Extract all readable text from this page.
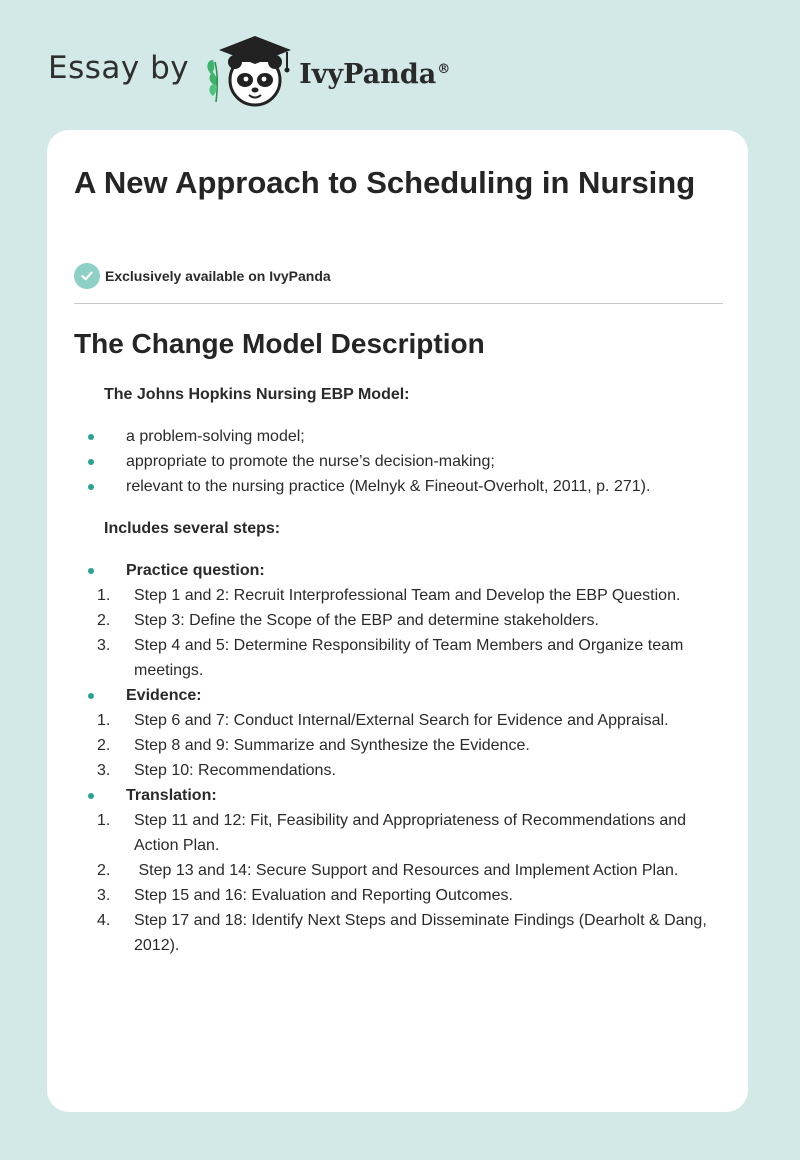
Essay by	IvyPanda®
A New Approach to Scheduling in Nursing
Exclusively available on IvyPanda
The Change Model Description

The Johns Hopkins Nursing EBP Model:

a problem-solving model;
appropriate to promote the nurse’s decision-making;
relevant to the nursing practice (Melnyk & Fineout-Overholt, 2011, p. 271).

Includes several steps:

Practice question:
1. Step 1 and 2: Recruit Interprofessional Team and Develop the EBP Question.
2. Step 3: Define the Scope of the EBP and determine stakeholders.
3. Step 4 and 5: Determine Responsibility of Team Members and Organize team meetings.
Evidence:
1. Step 6 and 7: Conduct Internal/External Search for Evidence and Appraisal.
2. Step 8 and 9: Summarize and Synthesize the Evidence.
3. Step 10: Recommendations.
Translation:
1. Step 11 and 12: Fit, Feasibility and Appropriateness of Recommendations and Action Plan.
2. Step 13 and 14: Secure Support and Resources and Implement Action Plan.
3. Step 15 and 16: Evaluation and Reporting Outcomes.
4. Step 17 and 18: Identify Next Steps and Disseminate Findings (Dearholt & Dang, 2012).
